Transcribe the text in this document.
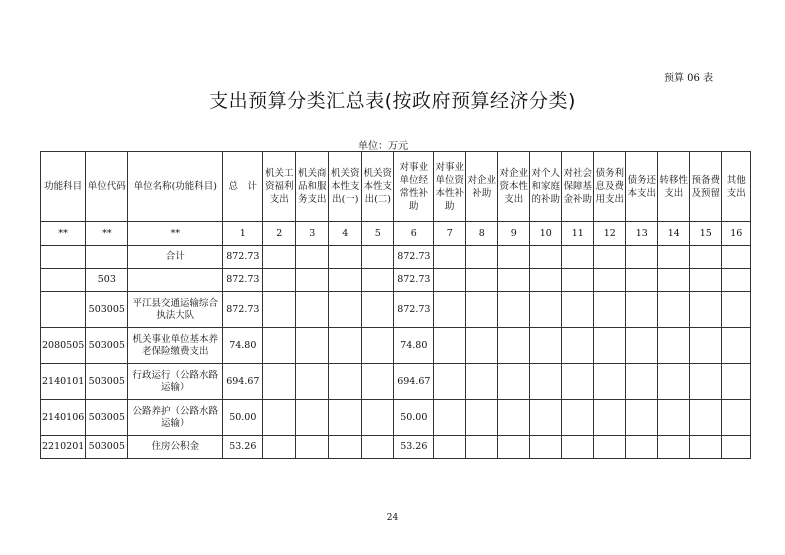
预算 06 表
支出预算分类汇总表(按政府预算经济分类)
单位：万元
功能科目	单位代码	单位名称(功能科目)	总　计	机关工资福利支出	机关商品和服务支出	机关资本性支出(一)	机关资本性支出(二)	对事业单位经常性补助	对事业单位资本性补助	对企业补助	对企业资本性支出	对个人和家庭的补助	对社会保障基金补助	债务利息及费用支出	债务还本支出	转移性支出	预备费及预留	其他支出
**	**	**	1	2	3	4	5	6	7	8	9	10	11	12	13	14	15	16
		合计	872.73					872.73										
	503		872.73					872.73										
	503005	平江县交通运输综合执法大队	872.73					872.73										
2080505	503005	机关事业单位基本养老保险缴费支出	74.80					74.80										
2140101	503005	行政运行（公路水路运输）	694.67					694.67										
2140106	503005	公路养护（公路水路运输）	50.00					50.00										
2210201	503005	住房公积金	53.26					53.26										
24
